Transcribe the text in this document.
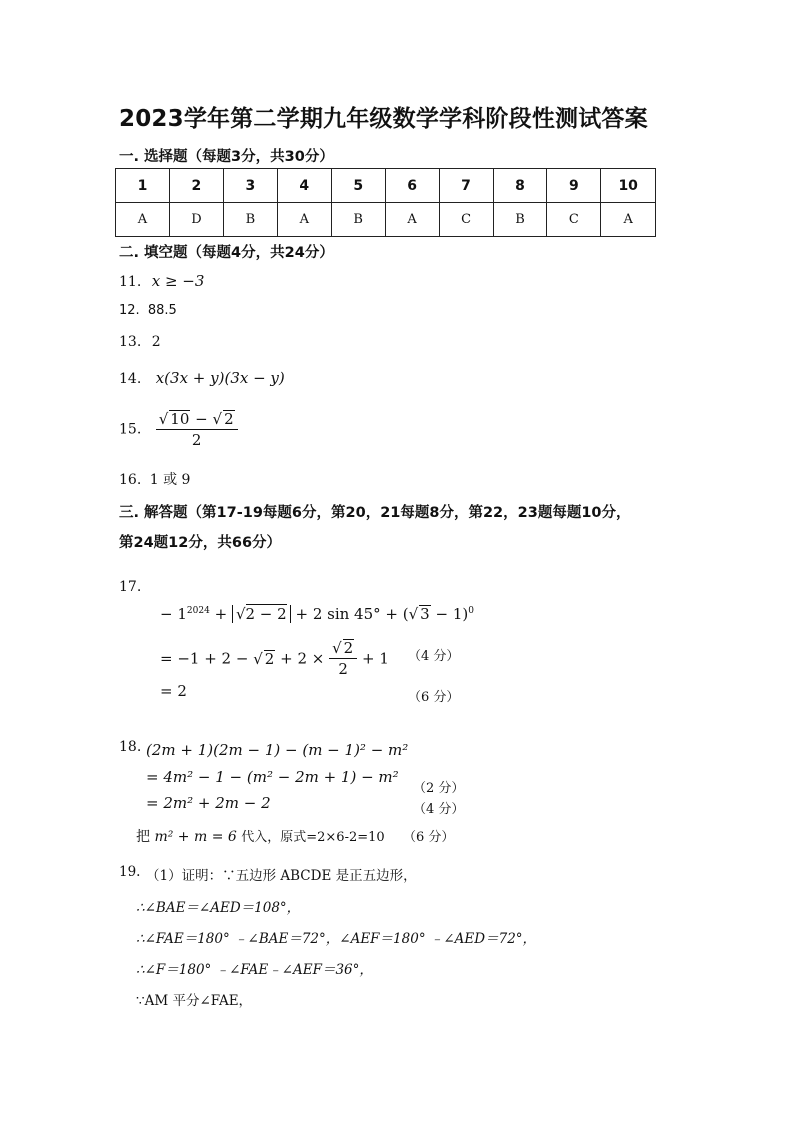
2023学年第二学期九年级数学学科阶段性测试答案
一. 选择题（每题3分，共30分）
1	2	3	4	5	6	7	8	9	10
A	D	B	A	B	A	C	B	C	A
二. 填空题（每题4分，共24分）
11. x ≥ −3
12. 88.5
13. 2
14. x(3x + y)(3x − y)
15. $\frac{√ 10 - √ 2}{2}$
16. 1 或 9
三. 解答题（第17-19每题6分，第20，21每题8分，第22，23题每题10分，
第24题12分，共66分）
17.
− $1^{2024} + √2 - 2 + 2$ sin 45° + (√ 3 − 1)$^0$
= −1 + 2 − √ $2 + 2 \times \frac{√ 2}{2} + 1$ （4 分）
= 2	（6 分）
18. (2m + 1)(2m − 1) − (m − 1)² − m²
= 4m² − 1 − (m² − 2m + 1) − m²
（2 分）
= 2m² + 2m − 2	（4 分）
把 m² + m = 6 代入，原式=2×6-2=10 （6 分）
19. （1）证明：∵五边形 ABCDE 是正五边形，
∴∠BAE＝∠AED＝108°，
∴∠FAE＝180° ﹣∠BAE＝72°，∠AEF＝180° ﹣∠AED＝72°，
∴∠F＝180° ﹣∠FAE﹣∠AEF＝36°，
∵AM 平分∠FAE，
